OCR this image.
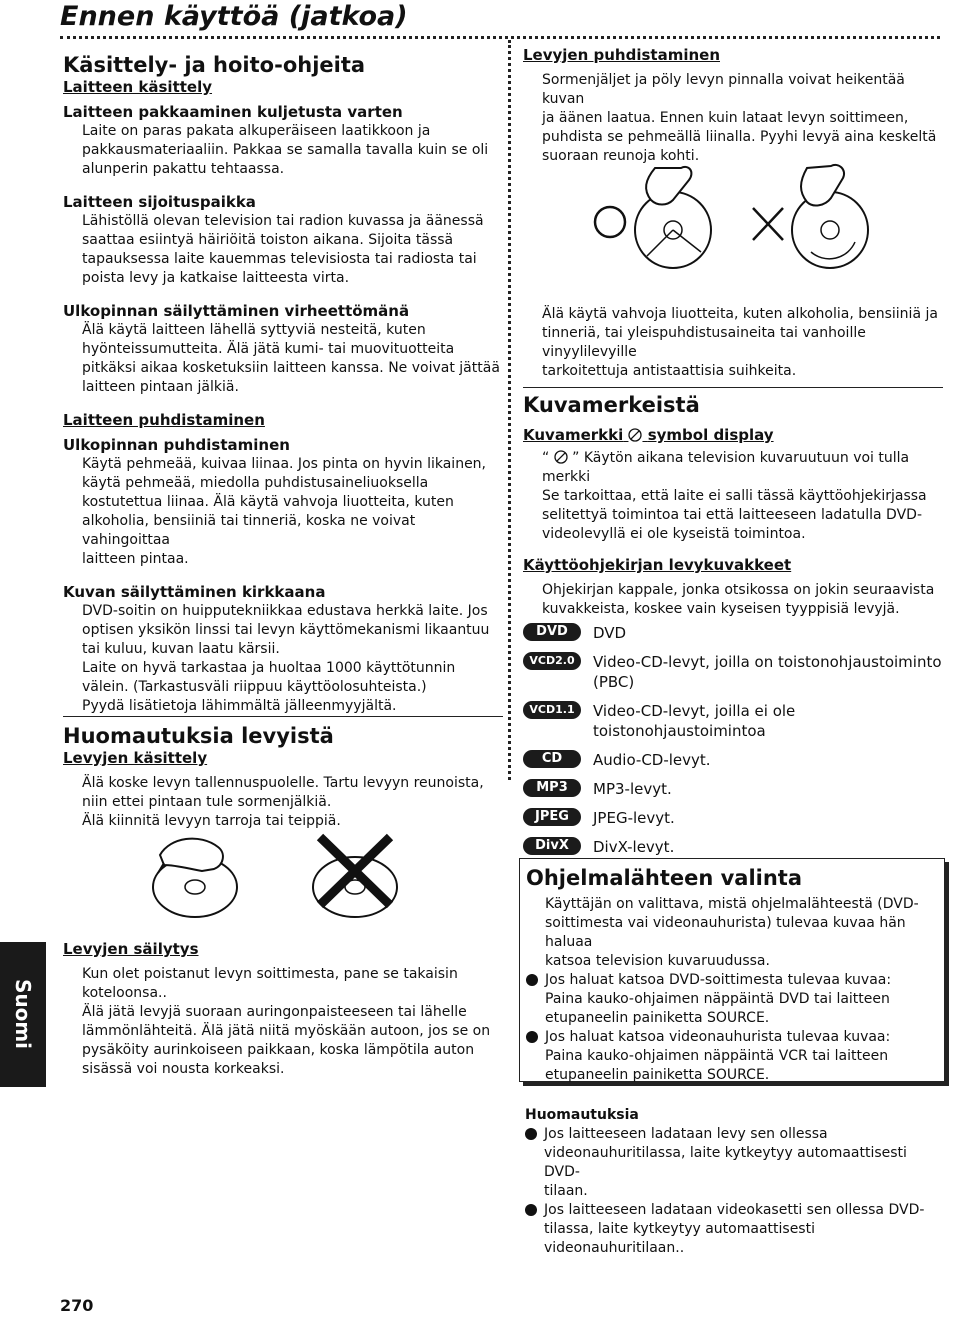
Ennen käyttöä (jatkoa)

Käsittely- ja hoito-ohjeita

Laitteen käsittely

Laitteen pakkaaminen kuljetusta varten

Laite on paras pakata alkuperäiseen laatikkoon ja

pakkausmateriaaliin. Pakkaa se samalla tavalla kuin se oli

alunperin pakattu tehtaassa.

Laitteen sijoituspaikka

Lähistöllä olevan television tai radion kuvassa ja äänessä

saattaa esiintyä häiriöitä toiston aikana. Sijoita tässä

tapauksessa laite kauemmas televisiosta tai radiosta tai

poista levy ja katkaise laitteesta virta.

Ulkopinnan säilyttäminen virheettömänä

Älä käytä laitteen lähellä syttyviä nesteitä, kuten

hyönteissumutteita. Älä jätä kumi- tai muovituotteita

pitkäksi aikaa kosketuksiin laitteen kanssa. Ne voivat jättää

laitteen pintaan jälkiä.

Laitteen puhdistaminen

Ulkopinnan puhdistaminen

Käytä pehmeää, kuivaa liinaa. Jos pinta on hyvin likainen,

käytä pehmeää, miedolla puhdistusaineliuoksella

kostutettua liinaa. Älä käytä vahvoja liuotteita, kuten

alkoholia, bensiiniä tai tinneriä, koska ne voivat vahingoittaa

laitteen pintaa.

Kuvan säilyttäminen kirkkaana

DVD-soitin on huipputekniikkaa edustava herkkä laite. Jos

optisen yksikön linssi tai levyn käyttömekanismi likaantuu

tai kuluu, kuvan laatu kärsii.

Laite on hyvä tarkastaa ja huoltaa 1000 käyttötunnin

välein. (Tarkastusväli riippuu käyttöolosuhteista.)

Pyydä lisätietoja lähimmältä jälleenmyyjältä.

Huomautuksia levyistä

Levyjen käsittely

Älä koske levyn tallennuspuolelle. Tartu levyyn reunoista,

niin ettei pintaan tule sormenjälkiä.

Älä kiinnitä levyyn tarroja tai teippiä.

Levyjen säilytys

Kun olet poistanut levyn soittimesta, pane se takaisin

koteloonsa..

Älä jätä levyjä suoraan auringonpaisteeseen tai lähelle

lämmönlähteitä. Älä jätä niitä myöskään autoon, jos se on

pysäköity aurinkoiseen paikkaan, koska lämpötila auton

sisässä voi nousta korkeaksi.

Levyjen puhdistaminen

Sormenjäljet ja pöly levyn pinnalla voivat heikentää kuvan

ja äänen laatua. Ennen kuin lataat levyn soittimeen,

puhdista se pehmeällä liinalla. Pyyhi levyä aina keskeltä

suoraan reunoja kohti.

Älä käytä vahvoja liuotteita, kuten alkoholia, bensiiniä ja

tinneriä, tai yleispuhdistusaineita tai vanhoille vinyylilevyille

tarkoitettuja antistaattisia suihkeita.

Kuvamerkeistä

Kuvamerkki symbol display

“ ” Käytön aikana television kuvaruutuun voi tulla merkki

Se tarkoittaa, että laite ei salli tässä käyttöohjekirjassa

selitettyä toimintoa tai että laitteeseen ladatulla DVD-

videolevyllä ei ole kyseistä toimintoa.

Käyttöohjekirjan levykuvakkeet

Ohjekirjan kappale, jonka otsikossa on jokin seuraavista

kuvakkeista, koskee vain kyseisen tyyppisiä levyjä.

DVD	DVD
VCD2.0	Video-CD-levyt, joilla on toistonohjaustoiminto
(PBC)
VCD1.1	Video-CD-levyt, joilla ei ole toistonohjaustoimintoa
CD	Audio-CD-levyt.
MP3	MP3-levyt.
JPEG	JPEG-levyt.
DivX	DivX-levyt.

Ohjelmalähteen valinta

Käyttäjän on valittava, mistä ohjelmalähteestä (DVD-

soittimesta vai videonauhurista) tulevaa kuvaa hän haluaa

katsoa television kuvaruudussa.

Jos haluat katsoa DVD-soittimesta tulevaa kuvaa:

Paina kauko-ohjaimen näppäintä DVD tai laitteen

etupaneelin painiketta SOURCE.

Jos haluat katsoa videonauhurista tulevaa kuvaa:

Paina kauko-ohjaimen näppäintä VCR tai laitteen

etupaneelin painiketta SOURCE.

Huomautuksia

Jos laitteeseen ladataan levy sen ollessa

videonauhuritilassa, laite kytkeytyy automaattisesti DVD-

tilaan.

Jos laitteeseen ladataan videokasetti sen ollessa DVD-

tilassa, laite kytkeytyy automaattisesti videonauhuritilaan..

Suomi
270
